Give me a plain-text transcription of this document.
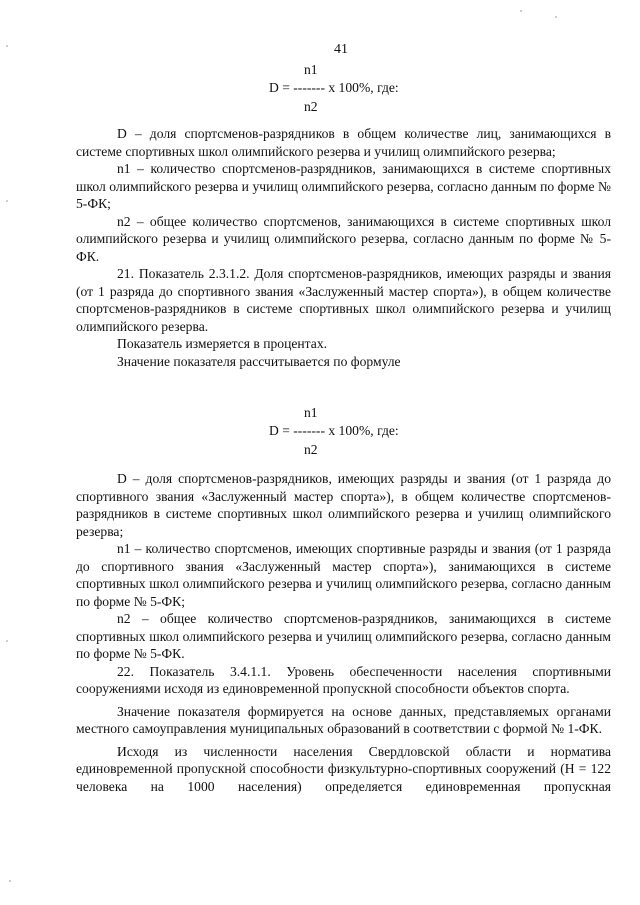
41
n1
D = ------- x 100%, где:
n2

D – доля спортсменов-разрядников в общем количестве лиц, занимающихся в системе спортивных школ олимпийского резерва и училищ олимпийского резерва;

n1 – количество спортсменов-разрядников, занимающихся в системе спортивных школ олимпийского резерва и училищ олимпийского резерва, согласно данным по форме № 5-ФК;

n2 – общее количество спортсменов, занимающихся в системе спортивных школ олимпийского резерва и училищ олимпийского резерва, согласно данным по форме № 5-ФК.

21. Показатель 2.3.1.2. Доля спортсменов-разрядников, имеющих разряды и звания (от 1 разряда до спортивного звания «Заслуженный мастер спорта»), в общем количестве спортсменов-разрядников в системе спортивных школ олимпийского резерва и училищ олимпийского резерва.

Показатель измеряется в процентах.

Значение показателя рассчитывается по формуле

n1
D = ------- x 100%, где:
n2

D – доля спортсменов-разрядников, имеющих разряды и звания (от 1 разряда до спортивного звания «Заслуженный мастер спорта»), в общем количестве спортсменов-разрядников в системе спортивных школ олимпийского резерва и училищ олимпийского резерва;

n1 – количество спортсменов, имеющих спортивные разряды и звания (от 1 разряда до спортивного звания «Заслуженный мастер спорта»), занимающихся в системе спортивных школ олимпийского резерва и училищ олимпийского резерва, согласно данным по форме № 5-ФК;

n2 – общее количество спортсменов-разрядников, занимающихся в системе спортивных школ олимпийского резерва и училищ олимпийского резерва, согласно данным по форме № 5-ФК.

22. Показатель 3.4.1.1. Уровень обеспеченности населения спортивными сооружениями исходя из единовременной пропускной способности объектов спорта.

Значение показателя формируется на основе данных, представляемых органами местного самоуправления муниципальных образований в соответствии с формой № 1-ФК.

Исходя из численности населения Свердловской области и норматива единовременной пропускной способности физкультурно-спортивных сооружений (Н = 122 человека на 1000 населения) определяется единовременная пропускная
